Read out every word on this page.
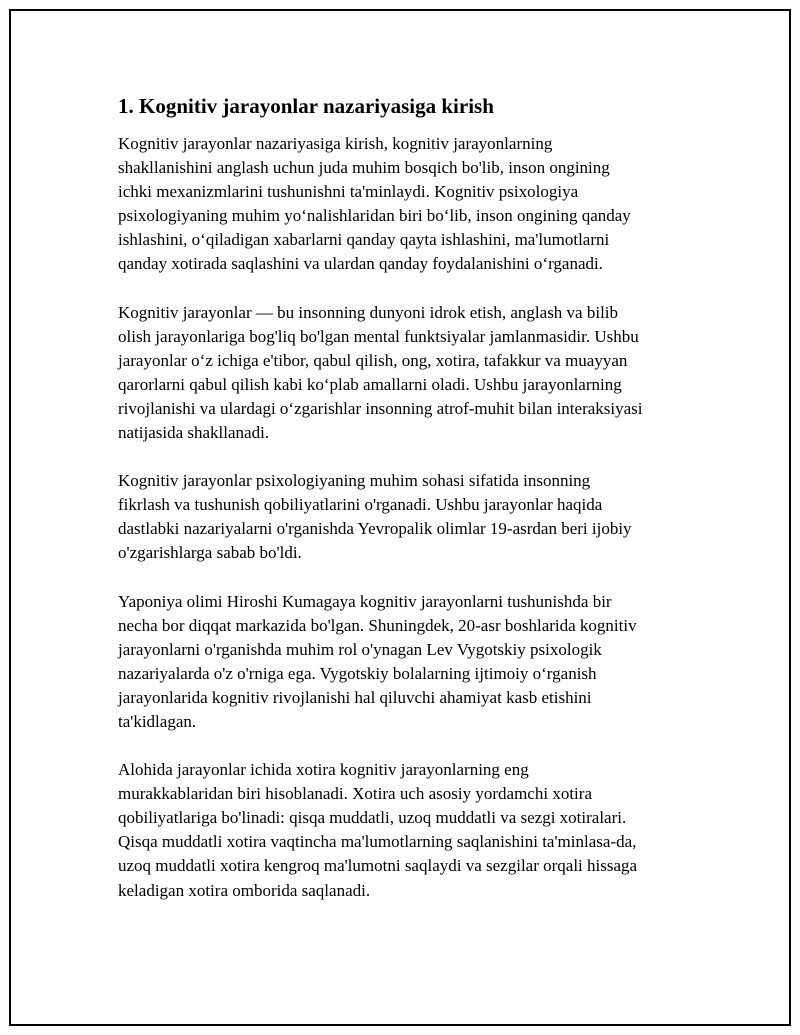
1. Kognitiv jarayonlar nazariyasiga kirish

Kognitiv jarayonlar nazariyasiga kirish, kognitiv jarayonlarning
shakllanishini anglash uchun juda muhim bosqich bo'lib, inson ongining
ichki mexanizmlarini tushunishni ta'minlaydi. Kognitiv psixologiya
psixologiyaning muhim yo‘nalishlaridan biri bo‘lib, inson ongining qanday
ishlashini, o‘qiladigan xabarlarni qanday qayta ishlashini, ma'lumotlarni
qanday xotirada saqlashini va ulardan qanday foydalanishini o‘rganadi.

Kognitiv jarayonlar — bu insonning dunyoni idrok etish, anglash va bilib
olish jarayonlariga bog'liq bo'lgan mental funktsiyalar jamlanmasidir. Ushbu
jarayonlar o‘z ichiga e'tibor, qabul qilish, ong, xotira, tafakkur va muayyan
qarorlarni qabul qilish kabi ko‘plab amallarni oladi. Ushbu jarayonlarning
rivojlanishi va ulardagi o‘zgarishlar insonning atrof-muhit bilan interaksiyasi
natijasida shakllanadi.

Kognitiv jarayonlar psixologiyaning muhim sohasi sifatida insonning
fikrlash va tushunish qobiliyatlarini o'rganadi. Ushbu jarayonlar haqida
dastlabki nazariyalarni o'rganishda Yevropalik olimlar 19-asrdan beri ijobiy
o'zgarishlarga sabab bo'ldi.

Yaponiya olimi Hiroshi Kumagaya kognitiv jarayonlarni tushunishda bir
necha bor diqqat markazida bo'lgan. Shuningdek, 20-asr boshlarida kognitiv
jarayonlarni o'rganishda muhim rol o'ynagan Lev Vygotskiy psixologik
nazariyalarda o'z o'rniga ega. Vygotskiy bolalarning ijtimoiy o‘rganish
jarayonlarida kognitiv rivojlanishi hal qiluvchi ahamiyat kasb etishini
ta'kidlagan.

Alohida jarayonlar ichida xotira kognitiv jarayonlarning eng
murakkablaridan biri hisoblanadi. Xotira uch asosiy yordamchi xotira
qobiliyatlariga bo'linadi: qisqa muddatli, uzoq muddatli va sezgi xotiralari.
Qisqa muddatli xotira vaqtincha ma'lumotlarning saqlanishini ta'minlasa-da,
uzoq muddatli xotira kengroq ma'lumotni saqlaydi va sezgilar orqali hissaga
keladigan xotira omborida saqlanadi.
